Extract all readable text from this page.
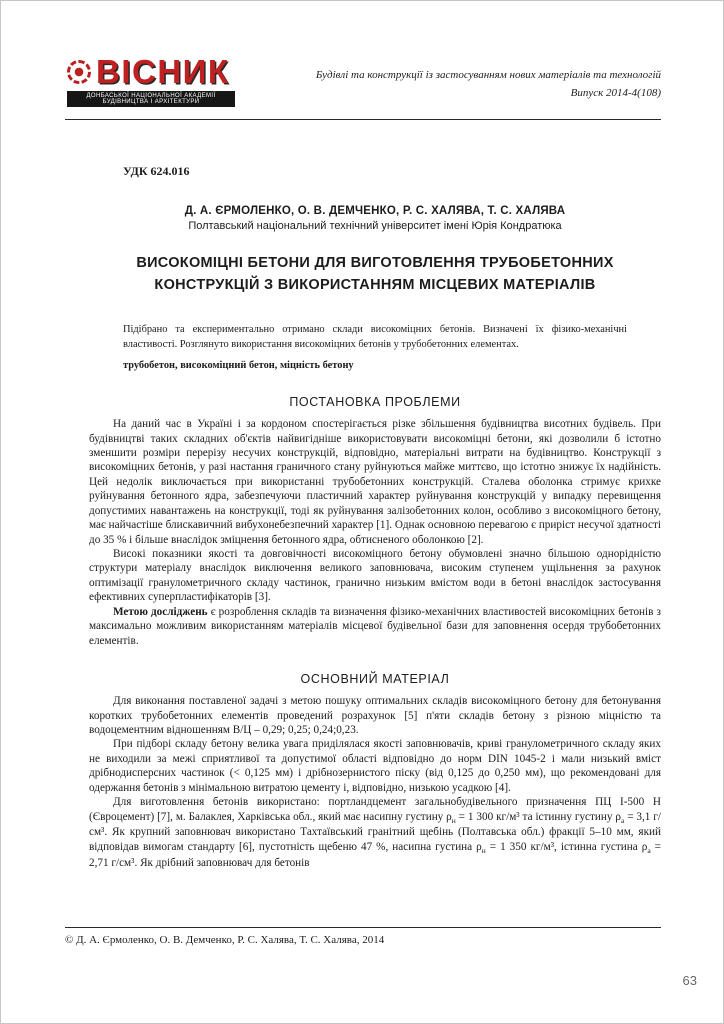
ВІСНИК
ДОНБАСЬКОЇ НАЦІОНАЛЬНОЇ АКАДЕМІЇ БУДІВНИЦТВА І АРХІТЕКТУРИ
Будівлі та конструкції із застосуванням нових матеріалів та технологій
Випуск 2014-4(108)
УДК 624.016
Д. А. ЄРМОЛЕНКО, О. В. ДЕМЧЕНКО, Р. С. ХАЛЯВА, Т. С. ХАЛЯВА
Полтавський національний технічний університет імені Юрія Кондратюка
ВИСОКОМІЦНІ БЕТОНИ ДЛЯ ВИГОТОВЛЕННЯ ТРУБОБЕТОННИХ КОНСТРУКЦІЙ З ВИКОРИСТАННЯМ МІСЦЕВИХ МАТЕРІАЛІВ
Підібрано та експериментально отримано склади високоміцних бетонів. Визначені їх фізико-механічні властивості. Розглянуто використання високоміцних бетонів у трубобетонних елементах.
трубобетон, високоміцний бетон, міцність бетону
ПОСТАНОВКА ПРОБЛЕМИ

На даний час в Україні і за кордоном спостерігається різке збільшення будівництва висотних будівель. При будівництві таких складних об'єктів найвигідніше використовувати високоміцні бетони, які дозволили б істотно зменшити розміри перерізу несучих конструкцій, відповідно, матеріальні витрати на будівництво. Конструкції з високоміцних бетонів, у разі настання граничного стану руйнуються майже миттєво, що істотно знижує їх надійність. Цей недолік виключається при використанні трубобетонних конструкцій. Сталева оболонка стримує крихке руйнування бетонного ядра, забезпечуючи пластичний характер руйнування конструкцій у випадку перевищення допустимих навантажень на конструкції, тоді як руйнування залізобетонних колон, особливо з високоміцного бетону, має найчастіше блискавичний вибухонебезпечний характер [1]. Однак основною перевагою є приріст несучої здатності до 35 % і більше внаслідок зміцнення бетонного ядра, обтисненого оболонкою [2].

Високі показники якості та довговічності високоміцного бетону обумовлені значно більшою однорідністю структури матеріалу внаслідок виключення великого заповнювача, високим ступенем ущільнення за рахунок оптимізації гранулометричного складу частинок, гранично низьким вмістом води в бетоні внаслідок застосування ефективних суперпластифікаторів [3].

Метою досліджень є розроблення складів та визначення фізико-механічних властивостей високоміцних бетонів з максимально можливим використанням матеріалів місцевої будівельної бази для заповнення осердя трубобетонних елементів.

ОСНОВНИЙ МАТЕРІАЛ

Для виконання поставленої задачі з метою пошуку оптимальних складів високоміцного бетону для бетонування коротких трубобетонних елементів проведений розрахунок [5] п'яти складів бетону з різною міцністю та водоцементним відношенням В/Ц – 0,29; 0,25; 0,24;0,23.

При підборі складу бетону велика увага приділялася якості заповнювачів, криві гранулометричного складу яких не виходили за межі сприятливої та допустимої області відповідно до норм DIN 1045-2 і мали низький вміст дрібнодисперсних частинок (< 0,125 мм) і дрібнозернистого піску (від 0,125 до 0,250 мм), що рекомендовані для одержання бетонів з мінімальною витратою цементу і, відповідно, низькою усадкою [4].

Для виготовлення бетонів використано: портландцемент загальнобудівельного призначення ПЦ І-500 Н (Євроцемент) [7], м. Балаклея, Харківська обл., який має насипну густину $\rho_н = 1$ 300 кг/м³ та істинну густину $\rho_а = 3,1$ г/см³. Як крупний заповнювач використано Тахтаївський гранітний щебінь (Полтавська обл.) фракції 5–10 мм, який відповідав вимогам стандарту [6], пустотність щебеню 47 %, насипна густина $\rho_н = 1$ 350 кг/м³, істинна густина $\rho_а = 2,71$ г/см³. Як дрібний заповнювач для бетонів

© Д. А. Єрмоленко, О. В. Демченко, Р. С. Халява, Т. С. Халява, 2014
63
